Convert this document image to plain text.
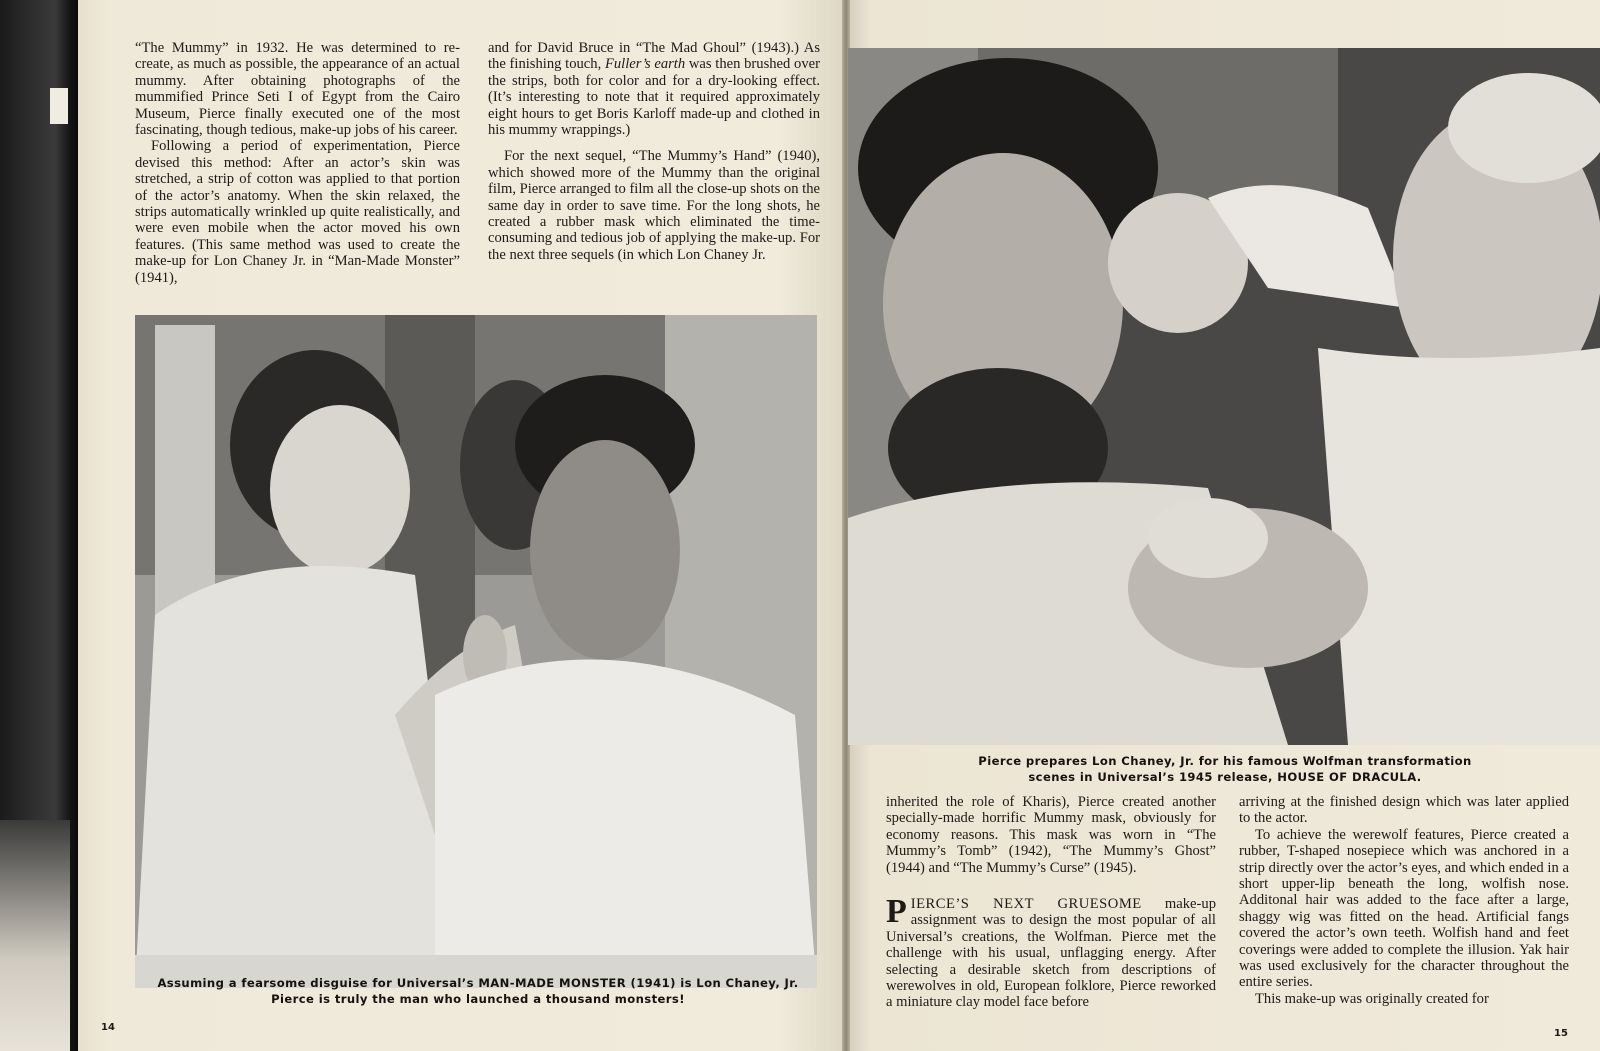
“The Mummy” in 1932. He was determined to re-create, as much as possible, the appearance of an actual mummy. After obtaining photographs of the mummified Prince Seti I of Egypt from the Cairo Museum, Pierce finally executed one of the most fascinating, though tedious, make-up jobs of his career.

Following a period of experimentation, Pierce devised this method: After an actor’s skin was stretched, a strip of cotton was applied to that portion of the actor’s anatomy. When the skin relaxed, the strips automatically wrinkled up quite realistically, and were even mobile when the actor moved his own features. (This same method was used to create the make-up for Lon Chaney Jr. in “Man-Made Monster” (1941),

and for David Bruce in “The Mad Ghoul” (1943).) As the finishing touch, Fuller’s earth was then brushed over the strips, both for color and for a dry-looking effect. (It’s interesting to note that it required approximately eight hours to get Boris Karloff made-up and clothed in his mummy wrappings.)

For the next sequel, “The Mummy’s Hand” (1940), which showed more of the Mummy than the original film, Pierce arranged to film all the close-up shots on the same day in order to save time. For the long shots, he created a rubber mask which eliminated the time-consuming and tedious job of applying the make-up. For the next three sequels (in which Lon Chaney Jr.

Assuming a fearsome disguise for Universal’s MAN-MADE MONSTER (1941) is Lon Chaney, Jr.
Pierce is truly the man who launched a thousand monsters!
14
Pierce prepares Lon Chaney, Jr. for his famous Wolfman transformation
scenes in Universal’s 1945 release, HOUSE OF DRACULA.

inherited the role of Kharis), Pierce created another specially-made horrific Mummy mask, obviously for economy reasons. This mask was worn in “The Mummy’s Tomb” (1942), “The Mummy’s Ghost” (1944) and “The Mummy’s Curse” (1945).

PIERCE’S NEXT GRUESOME make-up assignment was to design the most popular of all Universal’s creations, the Wolfman. Pierce met the challenge with his usual, unflagging energy. After selecting a desirable sketch from descriptions of werewolves in old, European folklore, Pierce reworked a miniature clay model face before

arriving at the finished design which was later applied to the actor.

To achieve the werewolf features, Pierce created a rubber, T-shaped nosepiece which was anchored in a strip directly over the actor’s eyes, and which ended in a short upper-lip beneath the long, wolfish nose. Additonal hair was added to the face after a large, shaggy wig was fitted on the head. Artificial fangs covered the actor’s own teeth. Wolfish hand and feet coverings were added to complete the illusion. Yak hair was used exclusively for the character throughout the entire series.

This make-up was originally created for

15
